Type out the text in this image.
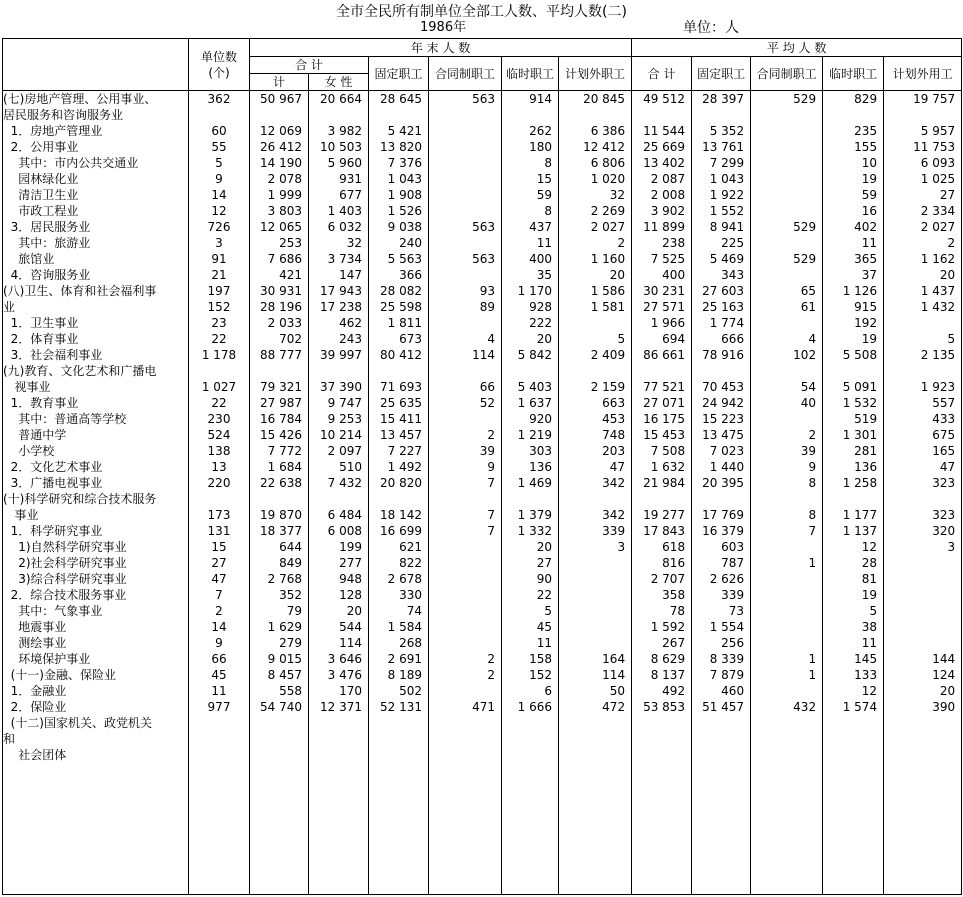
全市全民所有制单位全部工人数、平均人数(二)
1986年	单位：人
	单位数
(个)	年 末 人 数						平 均 人 数				
		合 计		固定职工	合同制职工	临时职工	计划外职工	合 计	固定职工	合同制职工	临时职工	计划外用工
		计	女 性									
(七)房地产管理、公用事业、	362	50 967	20 664	28 645	563	914	20 845	49 512	28 397	529	829	19 757
居民服务和咨询服务业												
1．房地产管理业	60	12 069	3 982	5 421		262	6 386	11 544	5 352		235	5 957
2．公用事业	55	26 412	10 503	13 820		180	12 412	25 669	13 761		155	11 753
其中：市内公共交通业	5	14 190	5 960	7 376		8	6 806	13 402	7 299		10	6 093
园林绿化业	9	2 078	931	1 043		15	1 020	2 087	1 043		19	1 025
清洁卫生业	14	1 999	677	1 908		59	32	2 008	1 922		59	27
市政工程业	12	3 803	1 403	1 526		8	2 269	3 902	1 552		16	2 334
3．居民服务业	726	12 065	6 032	9 038	563	437	2 027	11 899	8 941	529	402	2 027
其中：旅游业	3	253	32	240		11	2	238	225		11	2
旅馆业	91	7 686	3 734	5 563	563	400	1 160	7 525	5 469	529	365	1 162
4．咨询服务业	21	421	147	366		35	20	400	343		37	20
(八)卫生、体育和社会福利事	197	30 931	17 943	28 082	93	1 170	1 586	30 231	27 603	65	1 126	1 437
业	152	28 196	17 238	25 598	89	928	1 581	27 571	25 163	61	915	1 432
1．卫生事业	23	2 033	462	1 811		222		1 966	1 774		192	
2．体育事业	22	702	243	673	4	20	5	694	666	4	19	5
3．社会福利事业	1 178	88 777	39 997	80 412	114	5 842	2 409	86 661	78 916	102	5 508	2 135
(九)教育、文化艺术和广播电												
视事业	1 027	79 321	37 390	71 693	66	5 403	2 159	77 521	70 453	54	5 091	1 923
1．教育事业	22	27 987	9 747	25 635	52	1 637	663	27 071	24 942	40	1 532	557
其中：普通高等学校	230	16 784	9 253	15 411		920	453	16 175	15 223		519	433
普通中学	524	15 426	10 214	13 457	2	1 219	748	15 453	13 475	2	1 301	675
小学校	138	7 772	2 097	7 227	39	303	203	7 508	7 023	39	281	165
2．文化艺术事业	13	1 684	510	1 492	9	136	47	1 632	1 440	9	136	47
3．广播电视事业	220	22 638	7 432	20 820	7	1 469	342	21 984	20 395	8	1 258	323
(十)科学研究和综合技术服务												
事业	173	19 870	6 484	18 142	7	1 379	342	19 277	17 769	8	1 177	323
1．科学研究事业	131	18 377	6 008	16 699	7	1 332	339	17 843	16 379	7	1 137	320
1)自然科学研究事业	15	644	199	621		20	3	618	603		12	3
2)社会科学研究事业	27	849	277	822		27		816	787	1	28	
3)综合科学研究事业	47	2 768	948	2 678		90		2 707	2 626		81	
2．综合技术服务事业	7	352	128	330		22		358	339		19	
其中：气象事业	2	79	20	74		5		78	73		5	
地震事业	14	1 629	544	1 584		45		1 592	1 554		38	
测绘事业	9	279	114	268		11		267	256		11	
环境保护事业	66	9 015	3 646	2 691	2	158	164	8 629	8 339	1	145	144
(十一)金融、保险业	45	8 457	3 476	8 189	2	152	114	8 137	7 879	1	133	124
1．金融业	11	558	170	502		6	50	492	460		12	20
2．保险业	977	54 740	12 371	52 131	471	1 666	472	53 853	51 457	432	1 574	390
(十二)国家机关、政党机关												
和												
社会团体												
